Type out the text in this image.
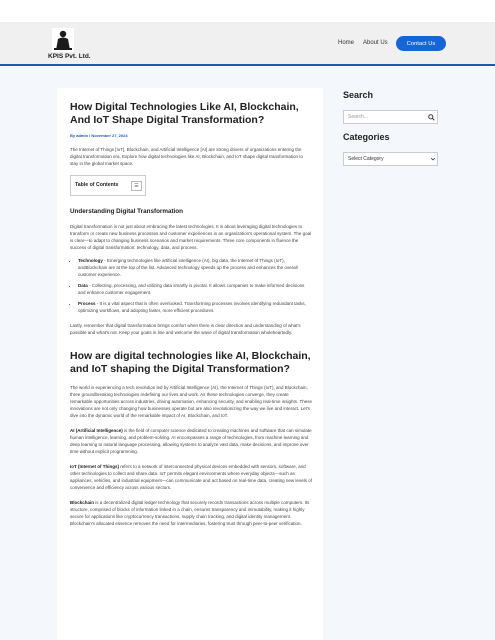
KPIS Pvt. Ltd.
Home About Us	Contact Us
How Digital Technologies Like AI, Blockchain, And IoT Shape Digital Transformation?
By admin / November 27, 2024

The Internet of Things [IoT], Blockchain, and Artificial Intelligence [AI] are strong drivers of organizations entering the digital transformation era. Explore how digital technologies like AI, Blockchain, and IoT shape digital transformation to stay in the global market space.

Table of Contents	☰
Understanding Digital Transformation

Digital transformation is not just about embracing the latest technologies. It is about leveraging digital technologies to transform or create new business processes and customer experiences in an organization's operational system. The goal is clear—to adapt to changing business scenarios and market requirements. Three core components in fluence the success of digital transformation: technology, data, and process.

• Technology - Emerging technologies like artificial intelligence (AI), big data, the Internet of Things (IoT), andBlockchain are at the top of the list. Advanced technology speeds up the process and enhances the overall customer experience.
• Data - Collecting, processing, and utilizing data smartly is pivotal. It allows companies to make informed decisions and enhance customer engagement.
• Process - It is a vital aspect that is often overlooked. Transforming processes involves identifying redundant tasks, optimizing workflows, and adopting faster, more efficient procedures.

Lastly, remember that digital transformation brings comfort when there is clear direction and understanding of what's possible and what's not. Keep your goals in line and welcome the wave of digital transformation wholeheartedly.

How are digital technologies like AI, Blockchain, and IoT shaping the Digital Transformation?

The world is experiencing a tech revolution led by Artificial Intelligence (AI), the Internet of Things (IoT), and Blockchain, three groundbreaking technologies redefining our lives and work. As these technologies converge, they create remarkable opportunities across industries, driving automation, enhancing security, and enabling real-time insights. These innovations are not only changing how businesses operate but are also revolutionizing the way we live and interact. Let's dive into the dynamic world of the remarkable impact of AI, Blockchain, and IoT.

AI (Artificial Intelligence) is the field of computer science dedicated to creating machines and software that can simulate human intelligence, learning, and problem-solving. AI encompasses a range of technologies, from machine learning and deep learning to natural language processing, allowing systems to analyze vast data, make decisions, and improve over time without explicit programming.

IoT (Internet of Things) refers to a network of interconnected physical devices embedded with sensors, software, and other technologies to collect and share data. IoT permits elegant environments where everyday objects—such as appliances, vehicles, and industrial equipment—can communicate and act based on real-time data, creating new levels of convenience and efficiency across various sectors.

Blockchain is a decentralized digital ledger technology that securely records transactions across multiple computers. Its structure, comprised of blocks of information linked in a chain, ensures transparency and immutability, making it highly secure for applications like cryptocurrency transactions, supply chain tracking, and digital identity management. Blockchain's allocated essence removes the need for intermediaries, fostering trust through peer-to-peer verification.

Search
Search...
Categories
Select Category
